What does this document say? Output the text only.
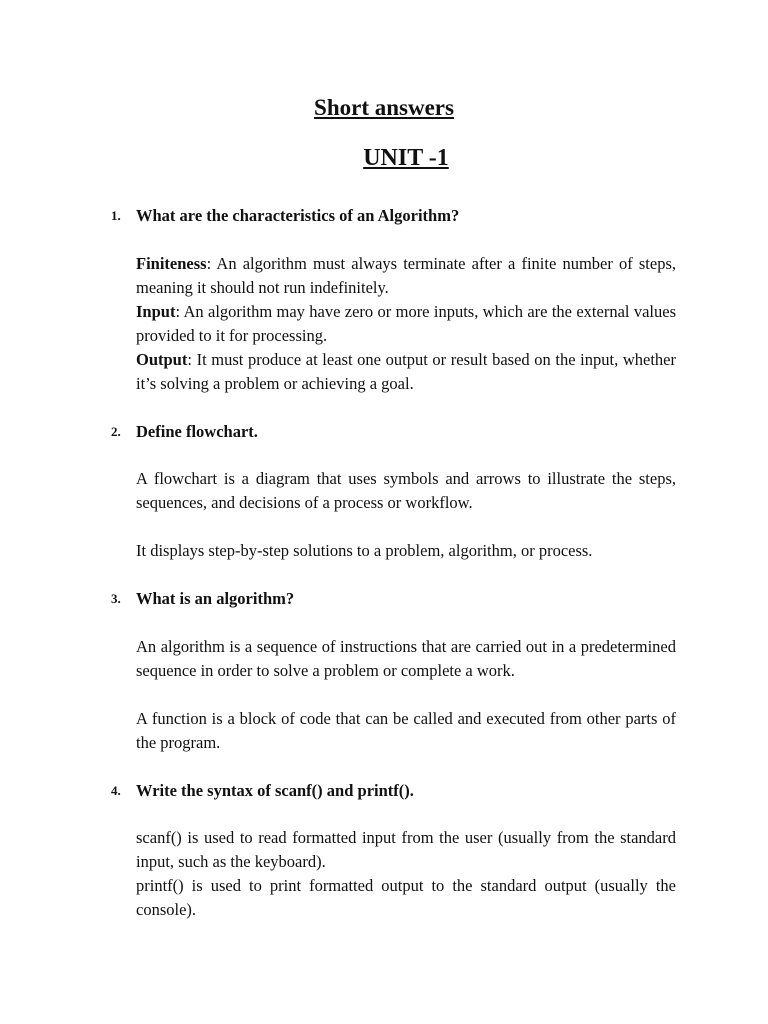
Short answers
UNIT -1
1. What are the characteristics of an Algorithm?

Finiteness: An algorithm must always terminate after a finite number of steps, meaning it should not run indefinitely.

Input: An algorithm may have zero or more inputs, which are the external values provided to it for processing.

Output: It must produce at least one output or result based on the input, whether it’s solving a problem or achieving a goal.

2. Define flowchart.

A flowchart is a diagram that uses symbols and arrows to illustrate the steps, sequences, and decisions of a process or workflow.

It displays step-by-step solutions to a problem, algorithm, or process.

3. What is an algorithm?

An algorithm is a sequence of instructions that are carried out in a predetermined sequence in order to solve a problem or complete a work.

A function is a block of code that can be called and executed from other parts of the program.

4. Write the syntax of scanf() and printf().

scanf() is used to read formatted input from the user (usually from the standard input, such as the keyboard).

printf() is used to print formatted output to the standard output (usually the console).
